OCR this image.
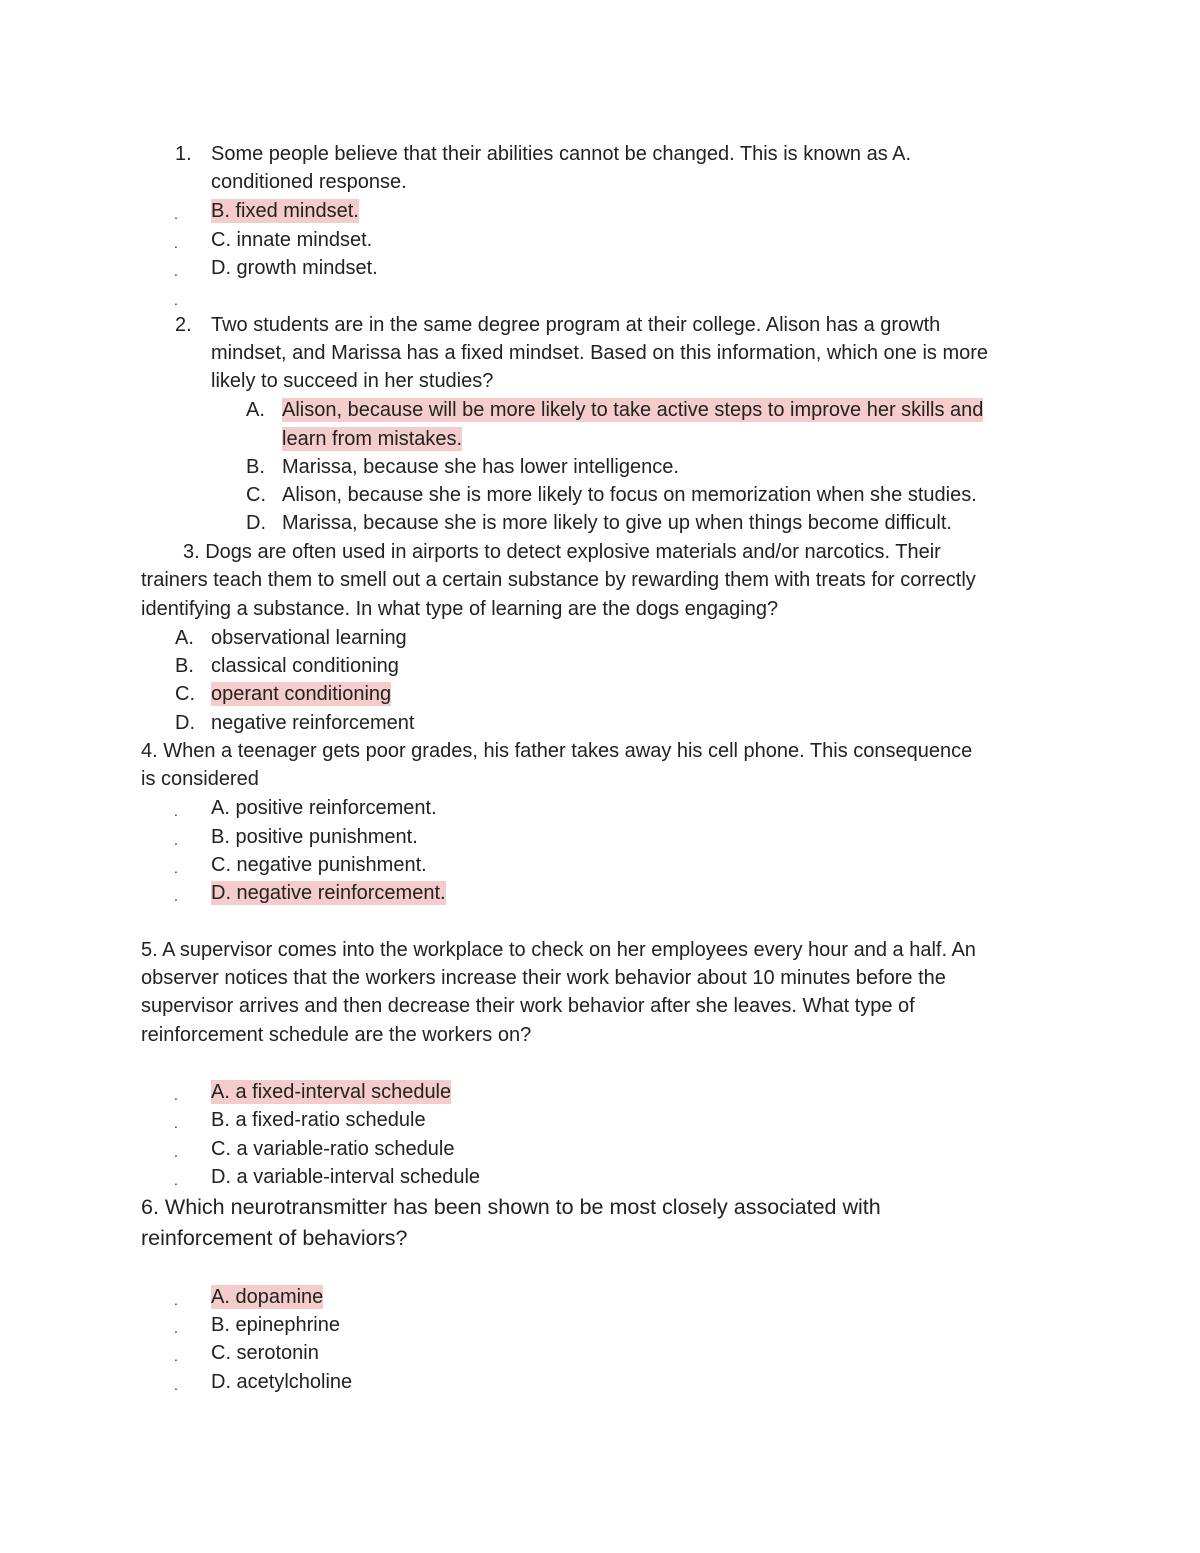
1. Some people believe that their abilities cannot be changed. This is known as A.
conditioned response.
. B. fixed mindset.
. C. innate mindset.
. D. growth mindset.
.
2. Two students are in the same degree program at their college. Alison has a growth
mindset, and Marissa has a fixed mindset. Based on this information, which one is more
likely to succeed in her studies?
A. Alison, because will be more likely to take active steps to improve her skills and
learn from mistakes.
B. Marissa, because she has lower intelligence.
C. Alison, because she is more likely to focus on memorization when she studies.
D. Marissa, because she is more likely to give up when things become difficult.
3. Dogs are often used in airports to detect explosive materials and/or narcotics. Their
trainers teach them to smell out a certain substance by rewarding them with treats for correctly
identifying a substance. In what type of learning are the dogs engaging?
A. observational learning
B. classical conditioning
C. operant conditioning
D. negative reinforcement
4. When a teenager gets poor grades, his father takes away his cell phone. This consequence
is considered
. A. positive reinforcement.
. B. positive punishment.
. C. negative punishment.
. D. negative reinforcement.
5. A supervisor comes into the workplace to check on her employees every hour and a half. An
observer notices that the workers increase their work behavior about 10 minutes before the
supervisor arrives and then decrease their work behavior after she leaves. What type of
reinforcement schedule are the workers on?
. A. a fixed-interval schedule
. B. a fixed-ratio schedule
. C. a variable-ratio schedule
. D. a variable-interval schedule
6. Which neurotransmitter has been shown to be most closely associated with
reinforcement of behaviors?
. A. dopamine
. B. epinephrine
. C. serotonin
. D. acetylcholine
